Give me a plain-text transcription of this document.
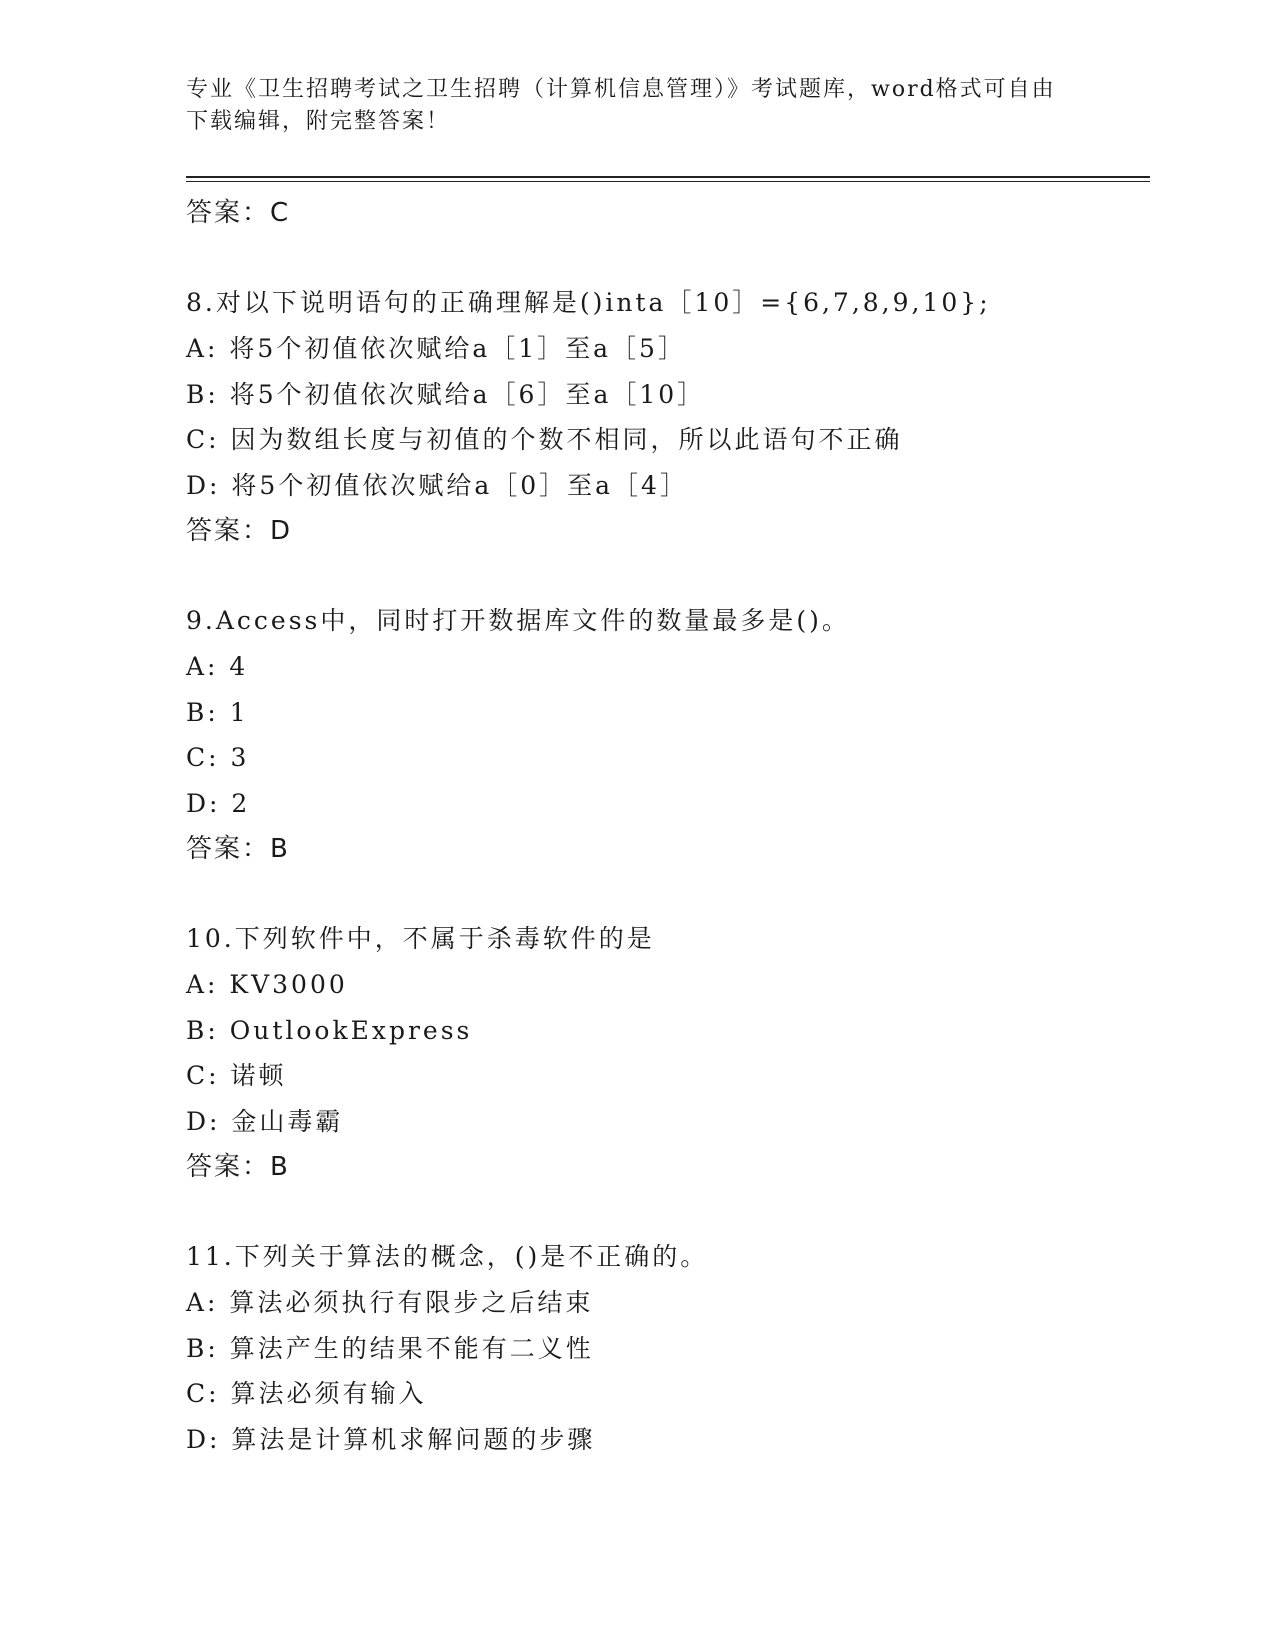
专业《卫生招聘考试之卫生招聘（计算机信息管理）》考试题库，word格式可自由下载编辑，附完整答案！
答案：C
8.对以下说明语句的正确理解是()inta［10］={6,7,8,9,10};
A: 将5个初值依次赋给a［1］至a［5］
B: 将5个初值依次赋给a［6］至a［10］
C: 因为数组长度与初值的个数不相同，所以此语句不正确
D: 将5个初值依次赋给a［0］至a［4］
答案：D
9.Access中，同时打开数据库文件的数量最多是()。
A: 4
B: 1
C: 3
D: 2
答案：B
10.下列软件中，不属于杀毒软件的是
A: KV3000
B: OutlookExpress
C: 诺顿
D: 金山毒霸
答案：B
11.下列关于算法的概念，()是不正确的。
A: 算法必须执行有限步之后结束
B: 算法产生的结果不能有二义性
C: 算法必须有输入
D: 算法是计算机求解问题的步骤
